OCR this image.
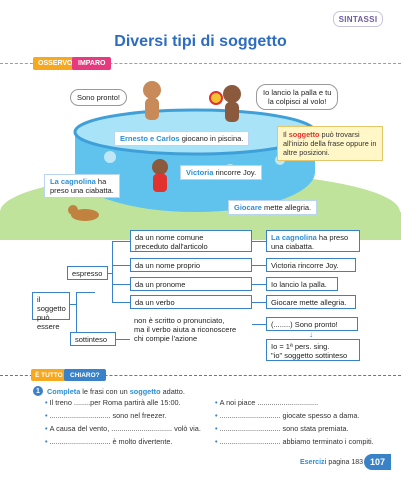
SINTASSI
Diversi tipi di soggetto
OSSERVO IMPARO
Sono pronto!
Io lancio la palla e tu
la colpisci al volo!
Ernesto e Carlos giocano in piscina.
Victoria rincorre Joy.
La cagnolina ha
preso una ciabatta.
Giocare mette allegria.
Il soggetto può trovarsi all'inizio della frase oppure in altre posizioni.
il soggetto
può essere
espresso
sottinteso
da un nome comune
preceduto dall'articolo
da un nome proprio
da un pronome
da un verbo
non è scritto o pronunciato,
ma il verbo aiuta a riconoscere
chi compie l'azione
La cagnolina ha preso
una ciabatta.
Victoria rincorre Joy.
Io lancio la palla.
Giocare mette allegria.
(........) Sono pronto!
↓
Io = 1ª pers. sing.
"io" soggetto sottinteso
È TUTTO	CHIARO?
1 Completa le frasi con un soggetto adatto.
• Il treno ........per Roma partirà alle 15:00.
• .............................. sono nel freezer.
• A causa del vento, .............................. volò via.
• .............................. è molto divertente.
• A noi piace ..............................
• .............................. giocate spesso a dama.
• .............................. sono stata premiata.
• .............................. abbiamo terminato i compiti.
Esercizi pagina 183 107
